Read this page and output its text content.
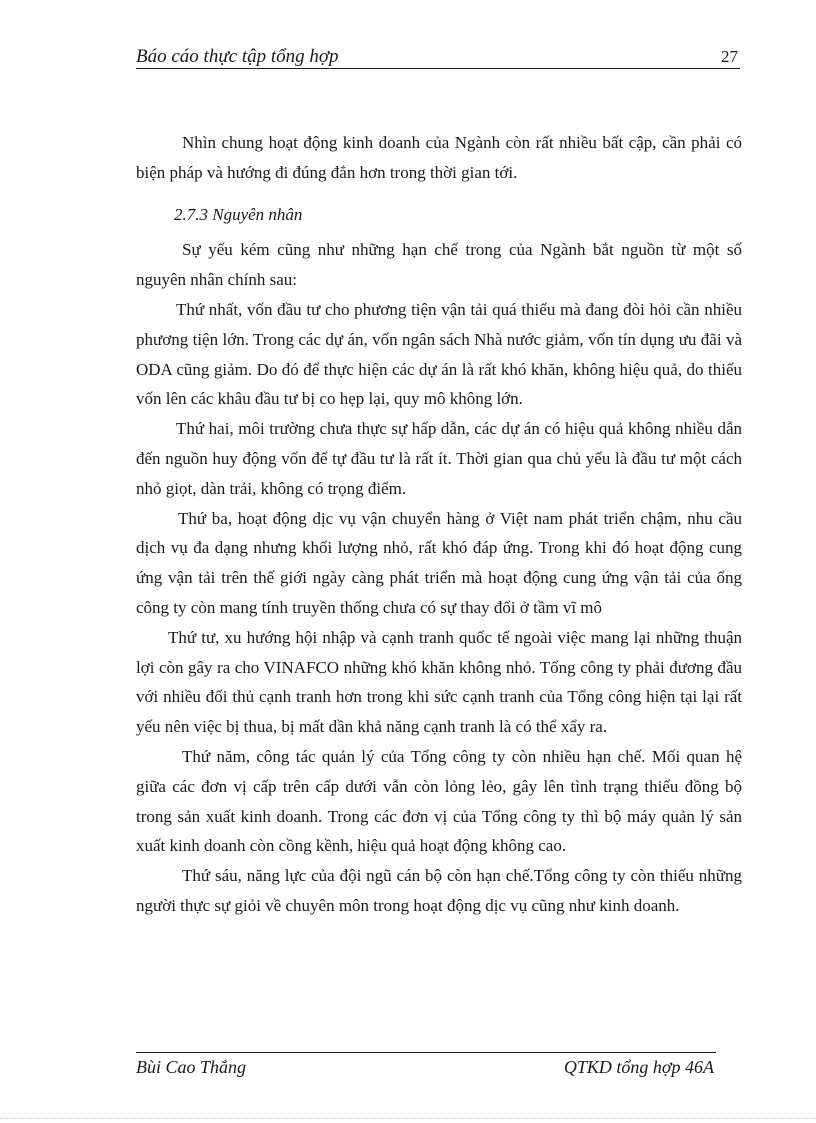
Báo cáo thực tập tổng hợp	27

Nhìn chung hoạt động kinh doanh của Ngành còn rất nhiều bất cập, cần phải có biện pháp và hướng đi đúng đắn hơn trong thời gian tới.

2.7.3 Nguyên nhân

Sự yếu kém cũng như những hạn chế trong của Ngành bắt nguồn từ một số nguyên nhân chính sau:

Thứ nhất, vốn đầu tư cho phương tiện vận tải quá thiếu mà đang đòi hỏi cần nhiều phương tiện lớn. Trong các dự án, vốn ngân sách Nhà nước giảm, vốn tín dụng ưu đãi và ODA cũng giảm. Do đó để thực hiện các dự án là rất khó khăn, không hiệu quả, do thiếu vốn lên các khâu đầu tư bị co hẹp lại, quy mô không lớn.

Thứ hai, môi trường chưa thực sự hấp dẫn, các dự án có hiệu quả không nhiều dẫn đến nguồn huy động vốn để tự đầu tư là rất ít. Thời gian qua chủ yếu là đầu tư một cách nhỏ giọt, dàn trải, không có trọng điểm.

Thứ ba, hoạt động dịc vụ vận chuyển hàng ở Việt nam phát triển chậm, nhu cầu dịch vụ đa dạng nhưng khối lượng nhỏ, rất khó đáp ứng. Trong khi đó hoạt động cung ứng vận tải trên thế giới ngày càng phát triển mà hoạt động cung ứng vận tải của ổng công ty còn mang tính truyền thống chưa có sự thay đổi ở tầm vĩ mô

Thứ tư, xu hướng hội nhập và cạnh tranh quốc tế ngoài việc mang lại những thuận lợi còn gây ra cho VINAFCO những khó khăn không nhỏ. Tổng công ty phải đương đầu với nhiều đối thủ cạnh tranh hơn trong khi sức cạnh tranh của Tổng công hiện tại lại rất yếu nên việc bị thua, bị mất dần khả năng cạnh tranh là có thể xẩy ra.

Thứ năm, công tác quản lý của Tổng công ty còn nhiều hạn chế. Mối quan hệ giữa các đơn vị cấp trên cấp dưới vẫn còn lỏng lẻo, gây lên tình trạng thiếu đồng bộ trong sản xuất kinh doanh. Trong các đơn vị của Tổng công ty thì bộ máy quản lý sản xuất kinh doanh còn cồng kềnh, hiệu quả hoạt động không cao.

Thứ sáu, năng lực của đội ngũ cán bộ còn hạn chế.Tổng công ty còn thiếu những người thực sự giỏi về chuyên môn trong hoạt động dịc vụ cũng như kinh doanh.

Bùi Cao Thắng	QTKD tổng hợp 46A
